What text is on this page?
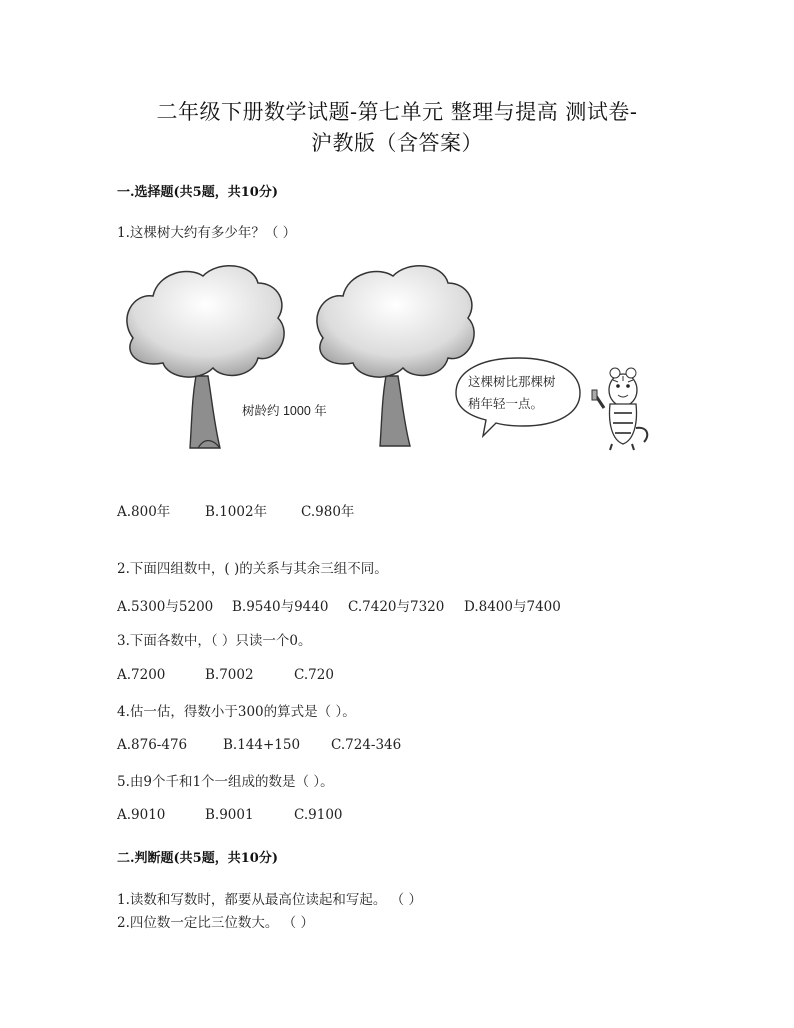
二年级下册数学试题-第七单元 整理与提高 测试卷-
沪教版（含答案）
一.选择题(共5题，共10分)
1.这棵树大约有多少年？（ ）
树龄约 1000 年
这棵树比那棵树
稍年轻一点。
A.800年	B.1002年	C.980年
2.下面四组数中，( )的关系与其余三组不同。
A.5300与5200 B.9540与9440 C.7420与7320 D.8400与7400
3.下面各数中，（ ）只读一个0。
A.7200	B.7002	C.720
4.估一估，得数小于300的算式是（ ）。
A.876-476	B.144+150 C.724-346
5.由9个千和1个一组成的数是（ ）。
A.9010	B.9001	C.9100
二.判断题(共5题，共10分)
1.读数和写数时，都要从最高位读起和写起。 （ ）
2.四位数一定比三位数大。 （ ）
